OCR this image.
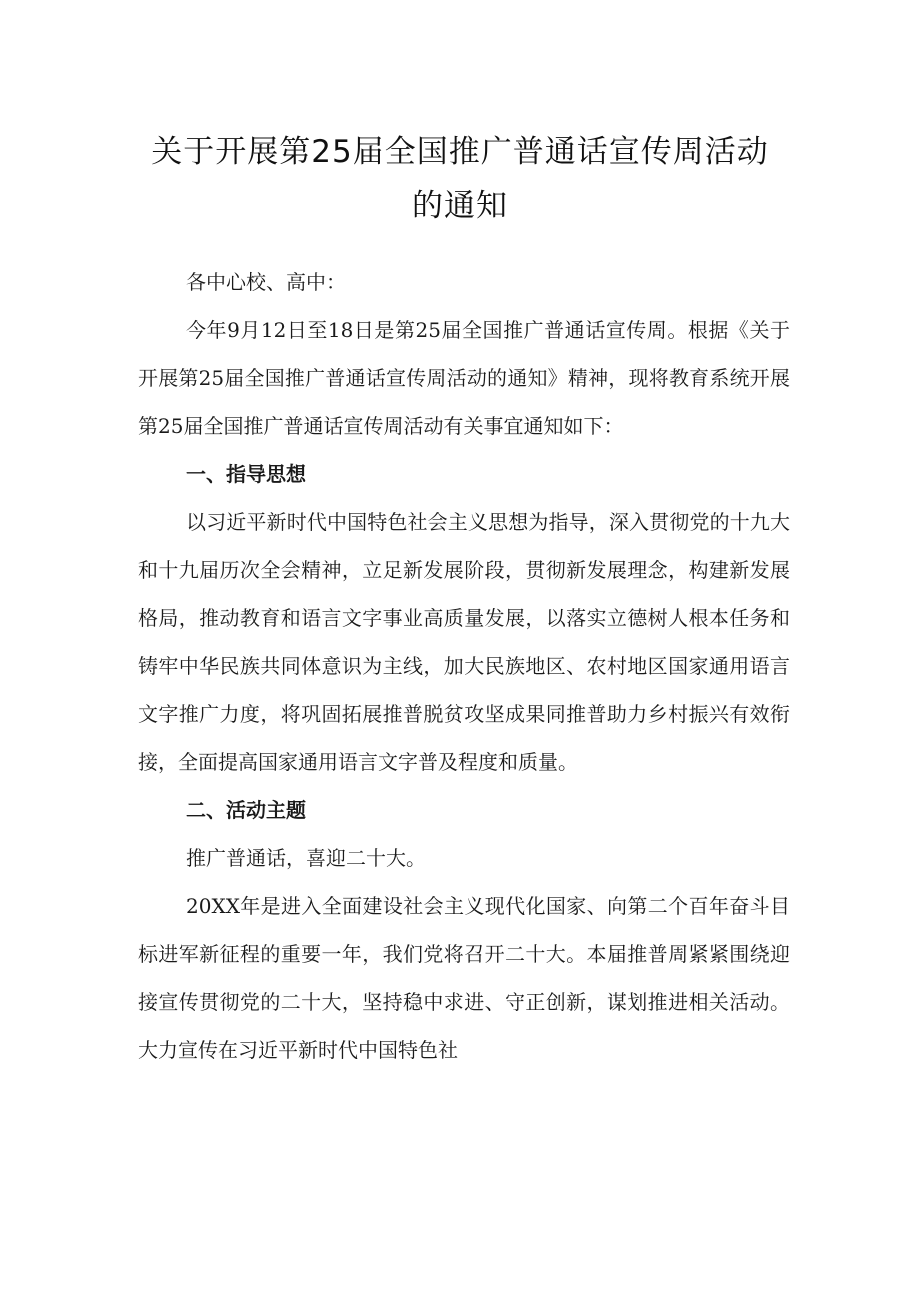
关于开展第25届全国推广普通话宣传周活动
的通知

各中心校、高中：

今年9月12日至18日是第25届全国推广普通话宣传周。根据《关于开展第25届全国推广普通话宣传周活动的通知》精神，现将教育系统开展第25届全国推广普通话宣传周活动有关事宜通知如下：

一、指导思想

以习近平新时代中国特色社会主义思想为指导，深入贯彻党的十九大和十九届历次全会精神，立足新发展阶段，贯彻新发展理念，构建新发展格局，推动教育和语言文字事业高质量发展，以落实立德树人根本任务和铸牢中华民族共同体意识为主线，加大民族地区、农村地区国家通用语言文字推广力度，将巩固拓展推普脱贫攻坚成果同推普助力乡村振兴有效衔接，全面提高国家通用语言文字普及程度和质量。

二、活动主题

推广普通话，喜迎二十大。

20XX年是进入全面建设社会主义现代化国家、向第二个百年奋斗目标进军新征程的重要一年，我们党将召开二十大。本届推普周紧紧围绕迎接宣传贯彻党的二十大，坚持稳中求进、守正创新，谋划推进相关活动。大力宣传在习近平新时代中国特色社
